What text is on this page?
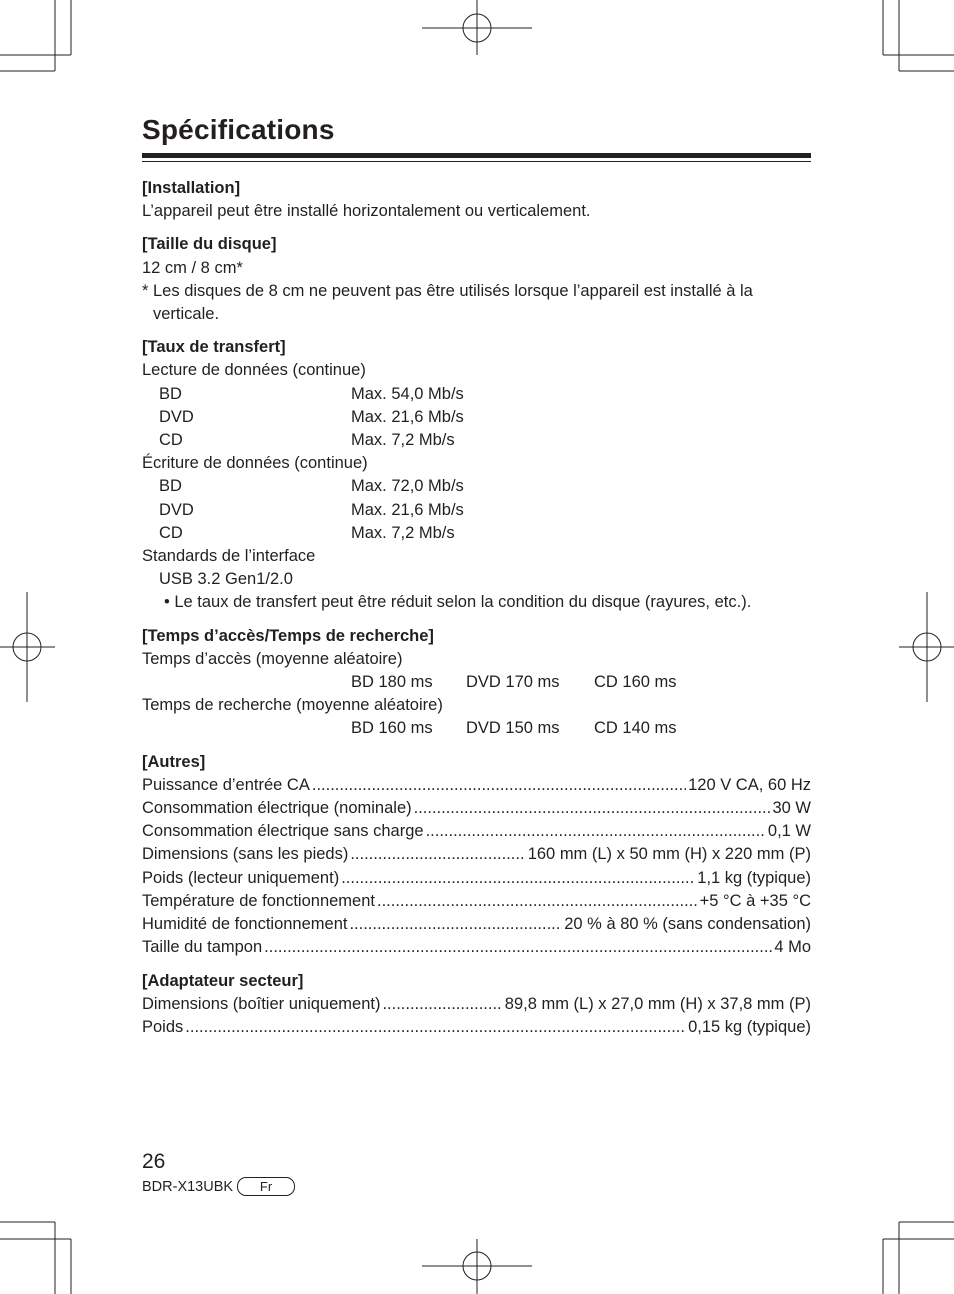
Spécifications
[Installation]
L’appareil peut être installé horizontalement ou verticalement.
[Taille du disque]
12 cm / 8 cm*
* Les disques de 8 cm ne peuvent pas être utilisés lorsque l’appareil est installé à la
verticale.
[Taux de transfert]
Lecture de données (continue)
BD	Max. 54,0 Mb/s
DVD	Max. 21,6 Mb/s
CD	Max. 7,2 Mb/s
Écriture de données (continue)
BD	Max. 72,0 Mb/s
DVD	Max. 21,6 Mb/s
CD	Max. 7,2 Mb/s
Standards de l’interface
USB 3.2 Gen1/2.0
• Le taux de transfert peut être réduit selon la condition du disque (rayures, etc.).
[Temps d’accès/Temps de recherche]
Temps d’accès (moyenne aléatoire)
BD 180 ms	DVD 170 ms	CD 160 ms
Temps de recherche (moyenne aléatoire)
BD 160 ms	DVD 150 ms	CD 140 ms
[Autres]
Puissance d’entrée CA .....	120 V CA, 60 Hz
Consommation électrique (nominale) .....	30 W
Consommation électrique sans charge .....	0,1 W
Dimensions (sans les pieds) .....	160 mm (L) x 50 mm (H) x 220 mm (P)
Poids (lecteur uniquement) .....	1,1 kg (typique)
Température de fonctionnement .....	+5 °C à +35 °C
Humidité de fonctionnement .....	20 % à 80 % (sans condensation)
Taille du tampon .....	4 Mo
[Adaptateur secteur]
Dimensions (boîtier uniquement) .....	89,8 mm (L) x 27,0 mm (H) x 37,8 mm (P)
Poids .....	0,15 kg (typique)
26
BDR-X13UBK	Fr
